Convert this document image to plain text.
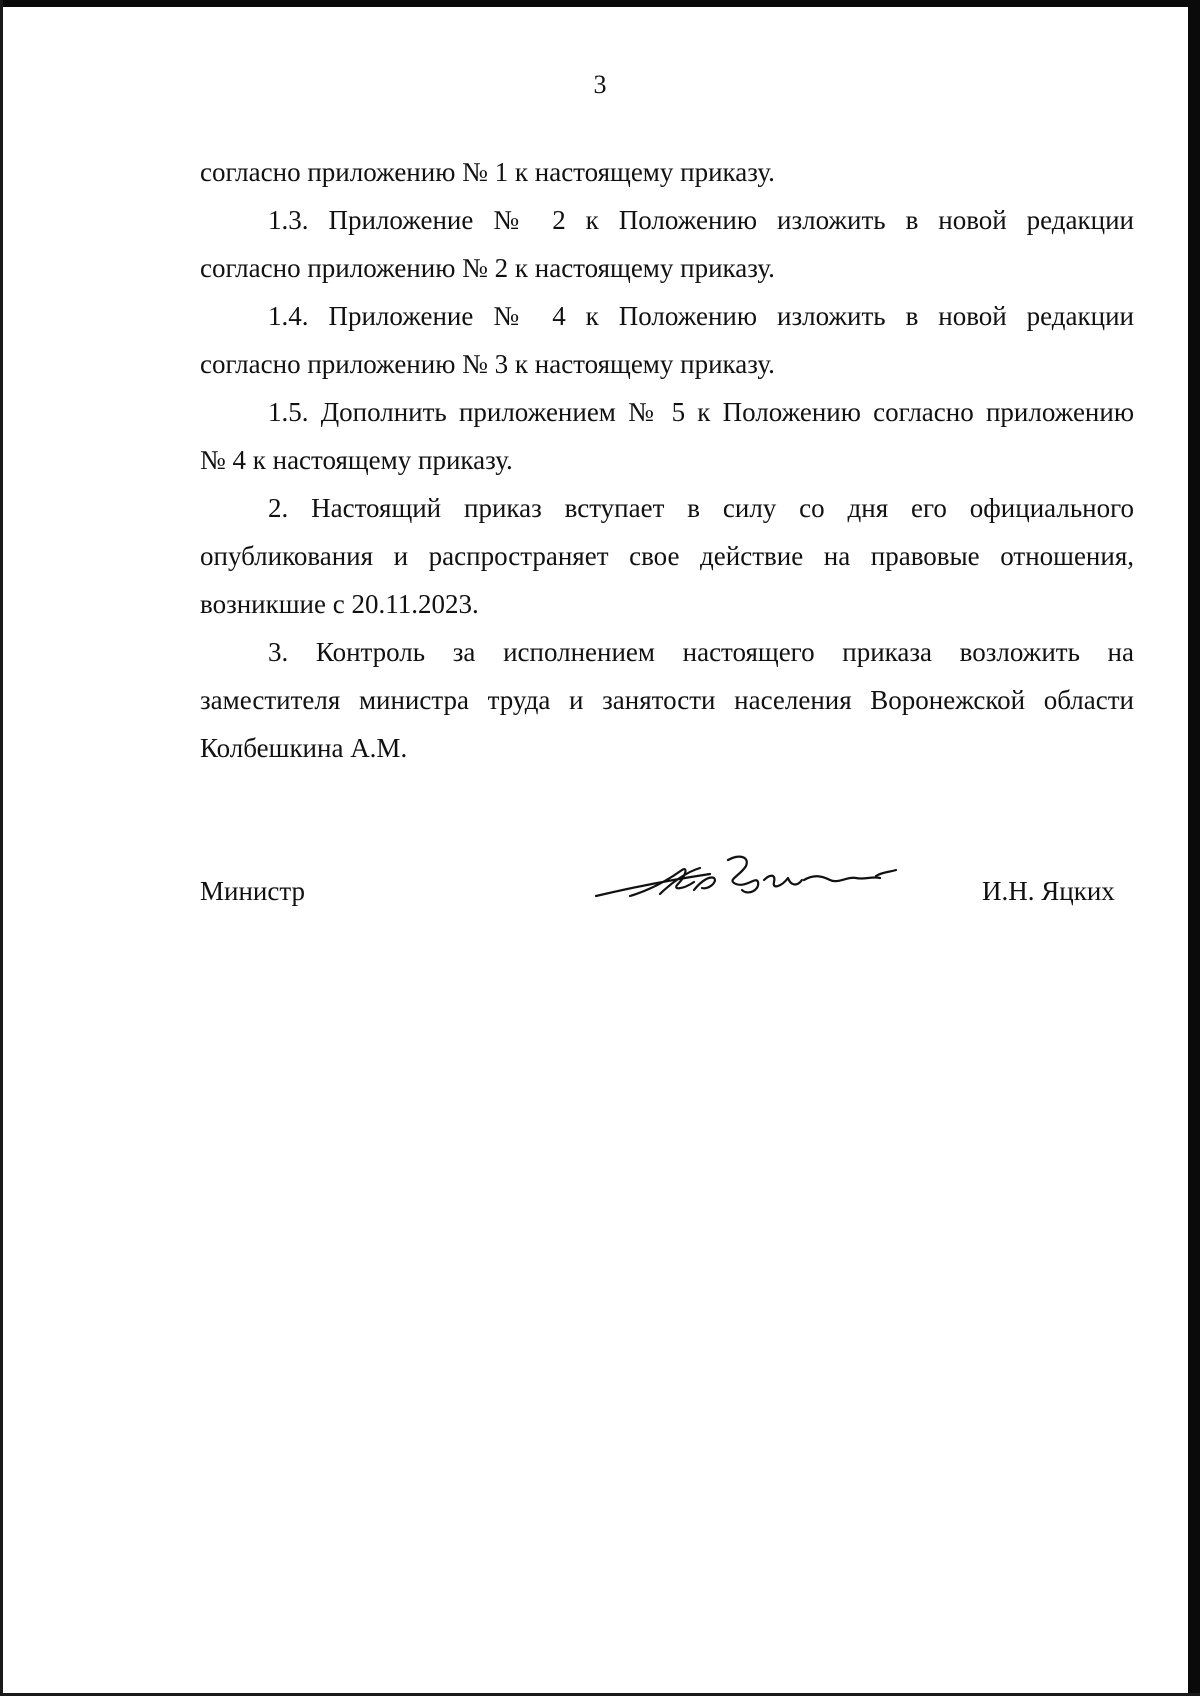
3
согласно приложению № 1 к настоящему приказу.
1.3. Приложение № 2 к Положению изложить в новой редакции
согласно приложению № 2 к настоящему приказу.
1.4. Приложение № 4 к Положению изложить в новой редакции
согласно приложению № 3 к настоящему приказу.
1.5. Дополнить приложением № 5 к Положению согласно приложению
№ 4 к настоящему приказу.
2. Настоящий приказ вступает в силу со дня его официального
опубликования и распространяет свое действие на правовые отношения,
возникшие с 20.11.2023.
3. Контроль за исполнением настоящего приказа возложить на
заместителя министра труда и занятости населения Воронежской области
Колбешкина А.М.
Министр	И.Н. Яцких
